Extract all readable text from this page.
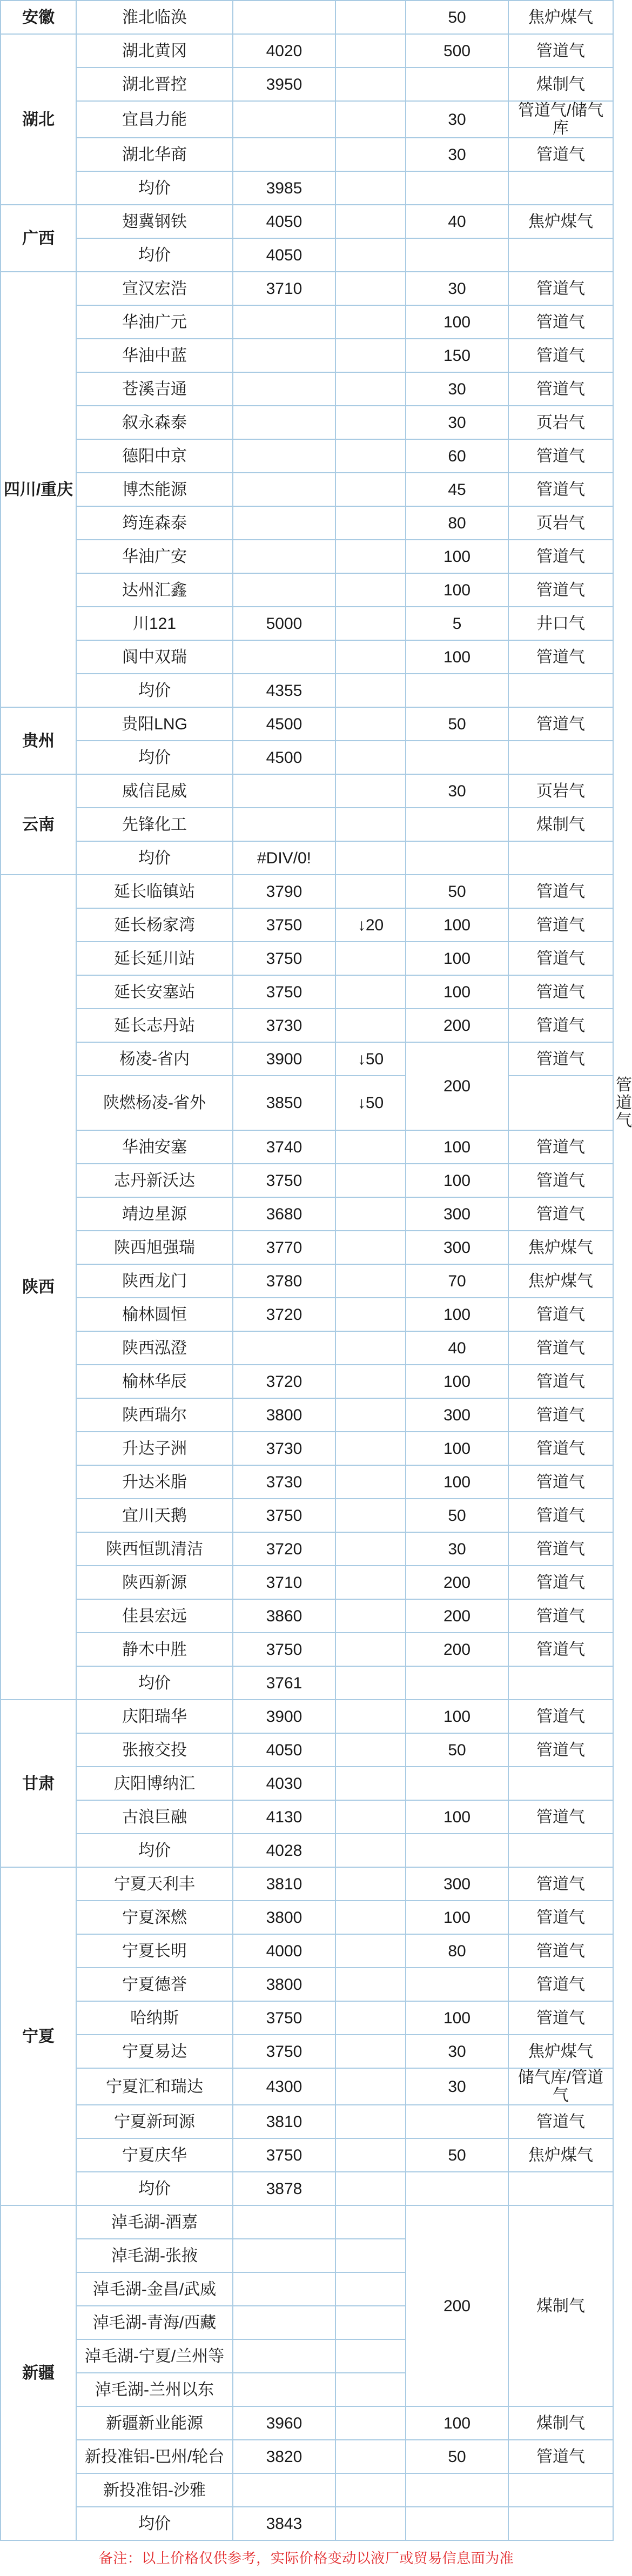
安徽	淮北临涣			50	焦炉煤气	
湖北	湖北黄冈	4020		500	管道气	
	湖北晋控	3950			煤制气	
	宜昌力能			30	管道气/储气库	
	湖北华商			30	管道气	
	均价	3985				
广西	翅冀钢铁	4050		40	焦炉煤气	
	均价	4050				
四川/重庆	宣汉宏浩	3710		30	管道气	
	华油广元			100	管道气	
	华油中蓝			150	管道气	
	苍溪吉通			30	管道气	
	叙永森泰			30	页岩气	
	德阳中京			60	管道气	
	博杰能源			45	管道气	
	筠连森泰			80	页岩气	
	华油广安			100	管道气	
	达州汇鑫			100	管道气	
	川121	5000		5	井口气	
	阆中双瑞			100	管道气	
	均价	4355				
贵州	贵阳LNG	4500		50	管道气	
	均价	4500				
云南	威信昆威			30	页岩气	
	先锋化工				煤制气	
	均价	#DIV/0!				
陕西	延长临镇站	3790		50	管道气	
	延长杨家湾	3750	↓20	100	管道气	
	延长延川站	3750		100	管道气	
	延长安塞站	3750		100	管道气	
	延长志丹站	3730		200	管道气	
	杨凌-省内	3900	↓50	200	管道气	
	陕燃杨凌-省外	3850	↓50			管道气
	华油安塞	3740		100	管道气	
	志丹新沃达	3750		100	管道气	
	靖边星源	3680		300	管道气	
	陕西旭强瑞	3770		300	焦炉煤气	
	陕西龙门	3780		70	焦炉煤气	
	榆林圆恒	3720		100	管道气	
	陕西泓澄			40	管道气	
	榆林华辰	3720		100	管道气	
	陕西瑞尔	3800		300	管道气	
	升达子洲	3730		100	管道气	
	升达米脂	3730		100	管道气	
	宜川天鹅	3750		50	管道气	
	陕西恒凯清洁	3720		30	管道气	
	陕西新源	3710		200	管道气	
	佳县宏远	3860		200	管道气	
	静木中胜	3750		200	管道气	
	均价	3761				
甘肃	庆阳瑞华	3900		100	管道气	
	张掖交投	4050		50	管道气	
	庆阳博纳汇	4030				
	古浪巨融	4130		100	管道气	
	均价	4028				
宁夏	宁夏天利丰	3810		300	管道气	
	宁夏深燃	3800		100	管道气	
	宁夏长明	4000		80	管道气	
	宁夏德誉	3800			管道气	
	哈纳斯	3750		100	管道气	
	宁夏易达	3750		30	焦炉煤气	
	宁夏汇和瑞达	4300		30	储气库/管道气	
	宁夏新珂源	3810			管道气	
	宁夏庆华	3750		50	焦炉煤气	
	均价	3878				
新疆	淖毛湖-酒嘉			200	煤制气	
	淖毛湖-张掖					
	淖毛湖-金昌/武威					
	淖毛湖-青海/西藏					
	淖毛湖-宁夏/兰州等					
	淖毛湖-兰州以东					
	新疆新业能源	3960		100	煤制气	
	新投准铝-巴州/轮台	3820		50	管道气	
	新投准铝-沙雅					
	均价	3843				
备注：以上价格仅供参考，实际价格变动以液厂或贸易信息面为准
